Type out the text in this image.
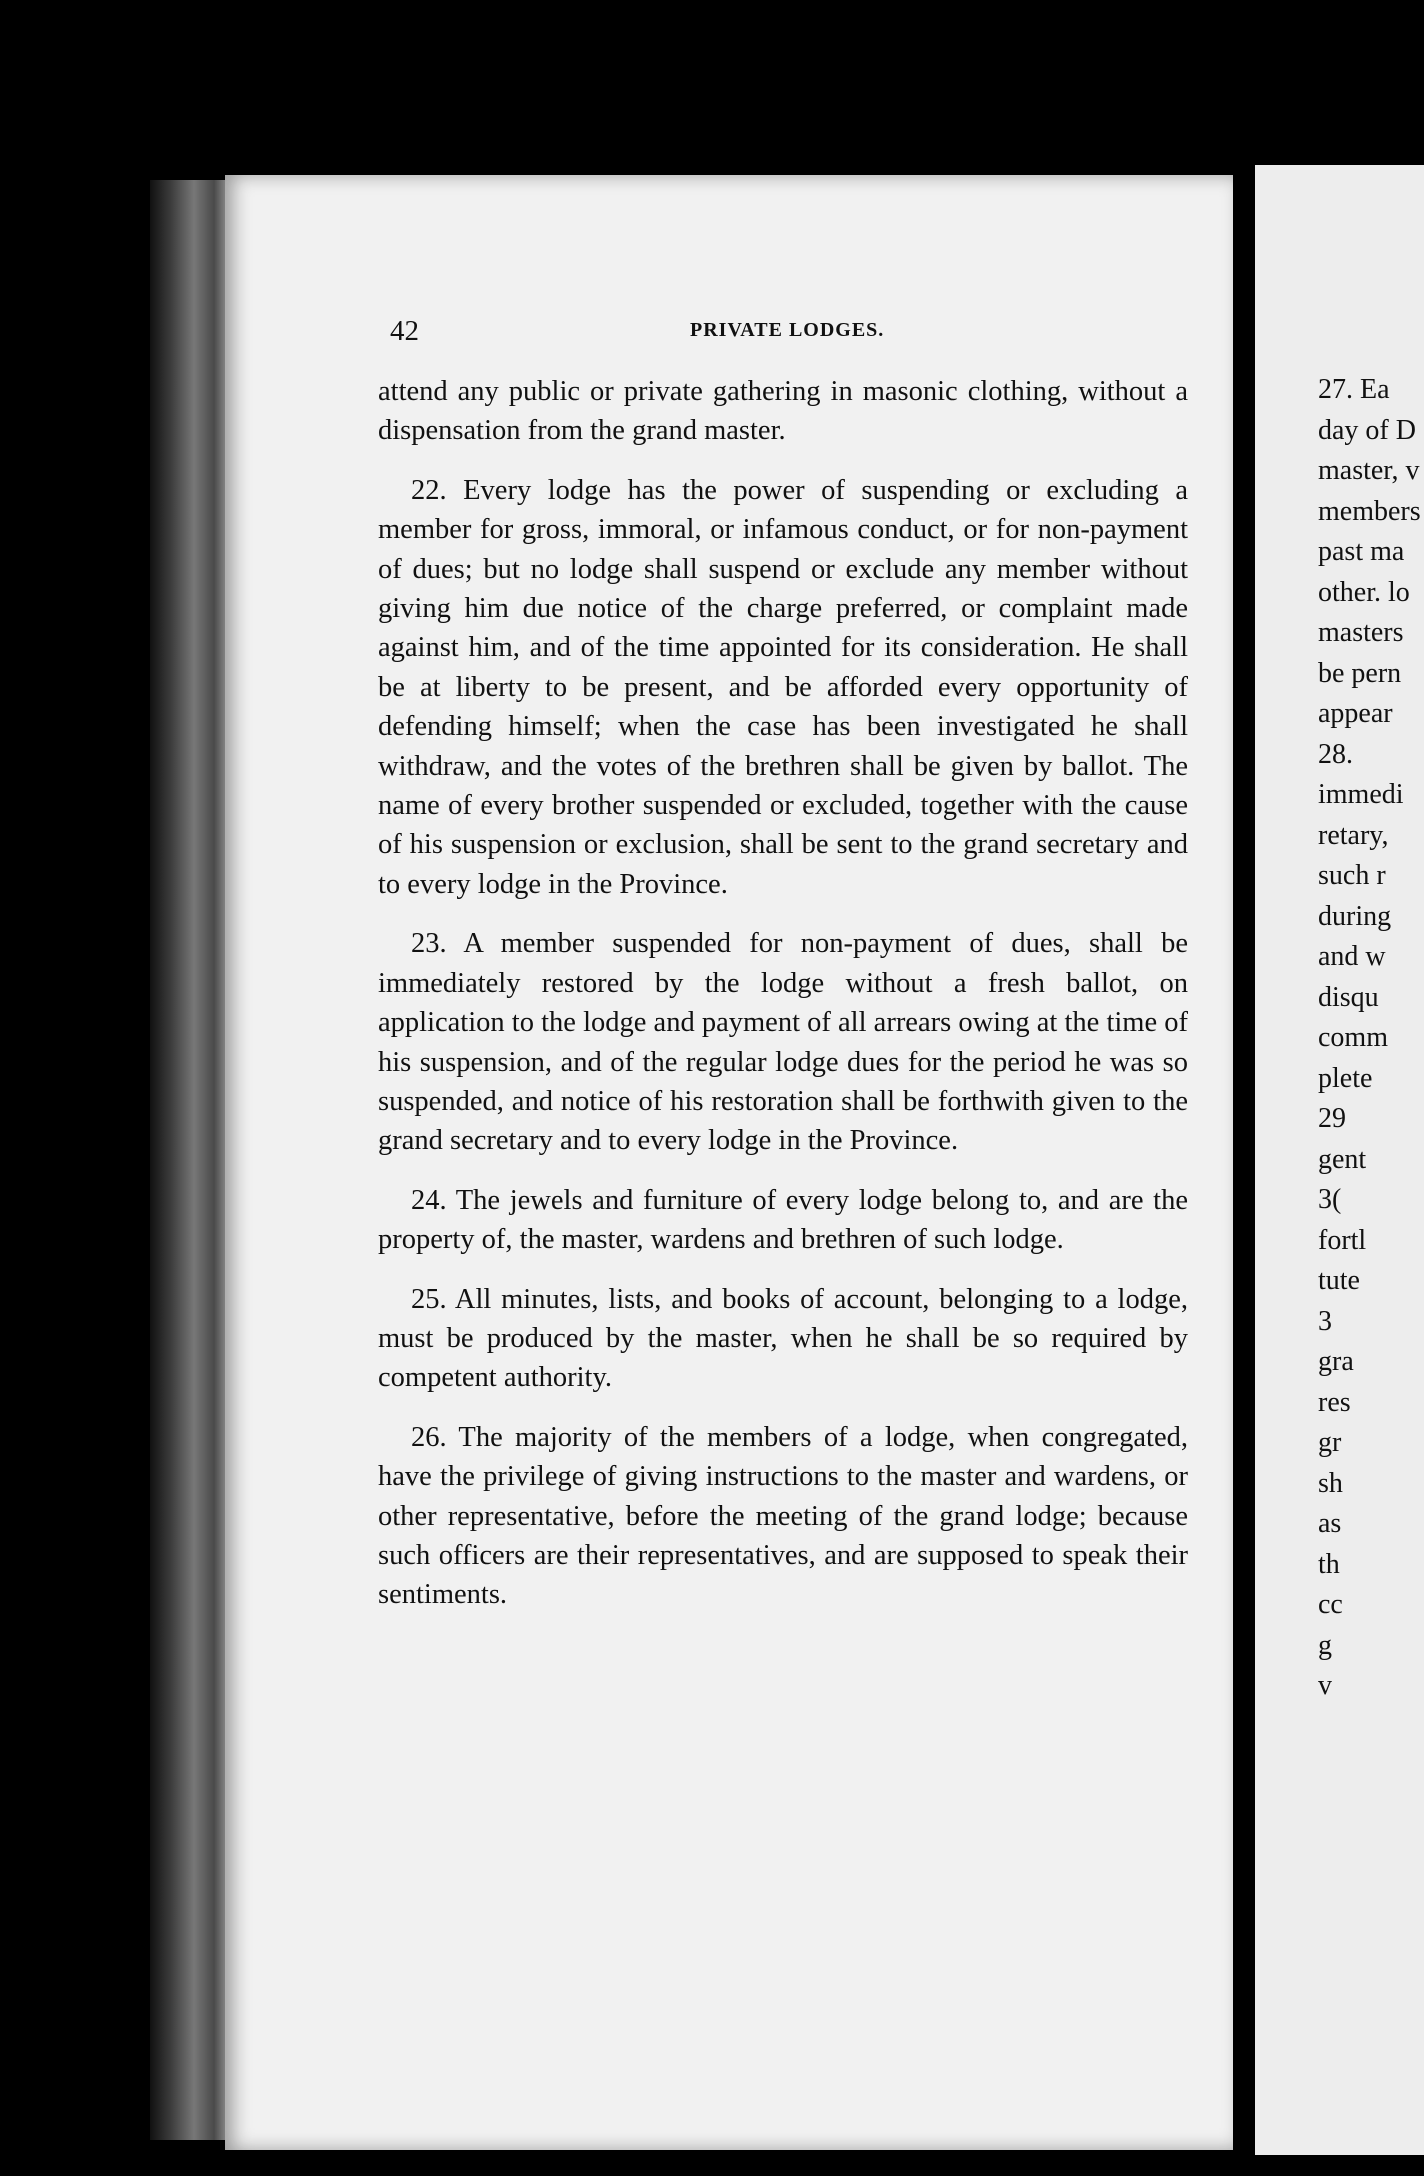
42	PRIVATE LODGES.

attend any public or private gathering in masonic clothing, without a dispensation from the grand master.

22. Every lodge has the power of suspending or excluding a member for gross, immoral, or infamous conduct, or for non-payment of dues; but no lodge shall suspend or exclude any member without giving him due notice of the charge preferred, or complaint made against him, and of the time appointed for its consideration. He shall be at liberty to be present, and be afforded every opportunity of defending himself; when the case has been investigated he shall withdraw, and the votes of the brethren shall be given by ballot. The name of every brother suspended or excluded, together with the cause of his suspension or exclusion, shall be sent to the grand secretary and to every lodge in the Province.

23. A member suspended for non-payment of dues, shall be immediately restored by the lodge without a fresh ballot, on application to the lodge and payment of all arrears owing at the time of his suspension, and of the regular lodge dues for the period he was so suspended, and notice of his restoration shall be forthwith given to the grand secretary and to every lodge in the Province.

24. The jewels and furniture of every lodge belong to, and are the property of, the master, wardens and brethren of such lodge.

25. All minutes, lists, and books of account, belonging to a lodge, must be produced by the master, when he shall be so required by competent authority.

26. The majority of the members of a lodge, when congregated, have the privilege of giving instructions to the master and wardens, or other representative, before the meeting of the grand lodge; because such officers are their representatives, and are supposed to speak their sentiments.

27. Ea
day of D
master, v
members
past ma
other. lo
masters
be pern
appear
28.
immedi
retary,
such r
during
and w
disqu
comm
plete
29
gent
3(
fortl
tute
3
gra
res
gr
sh
as
th
cc
g
v
